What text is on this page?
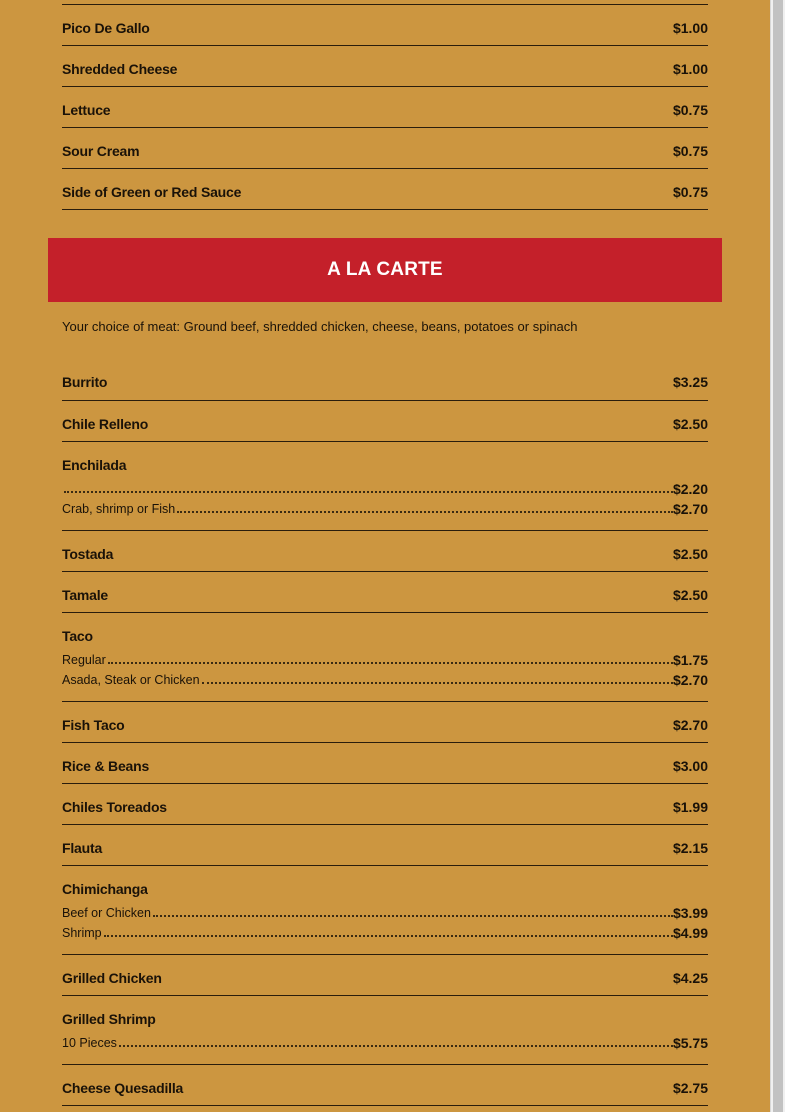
Pico De Gallo	$1.00
Shredded Cheese	$1.00
Lettuce	$0.75
Sour Cream	$0.75
Side of Green or Red Sauce	$0.75
A LA CARTE
Your choice of meat: Ground beef, shredded chicken, cheese, beans, potatoes or spinach
Burrito	$3.25
Chile Relleno	$2.50
Enchilada
$2.20
Crab, shrimp or Fish	$2.70
Tostada	$2.50
Tamale	$2.50
Taco
Regular	$1.75
Asada, Steak or Chicken	$2.70
Fish Taco	$2.70
Rice & Beans	$3.00
Chiles Toreados	$1.99
Flauta	$2.15
Chimichanga
Beef or Chicken	$3.99
Shrimp	$4.99
Grilled Chicken	$4.25
Grilled Shrimp
10 Pieces	$5.75
Cheese Quesadilla	$2.75
